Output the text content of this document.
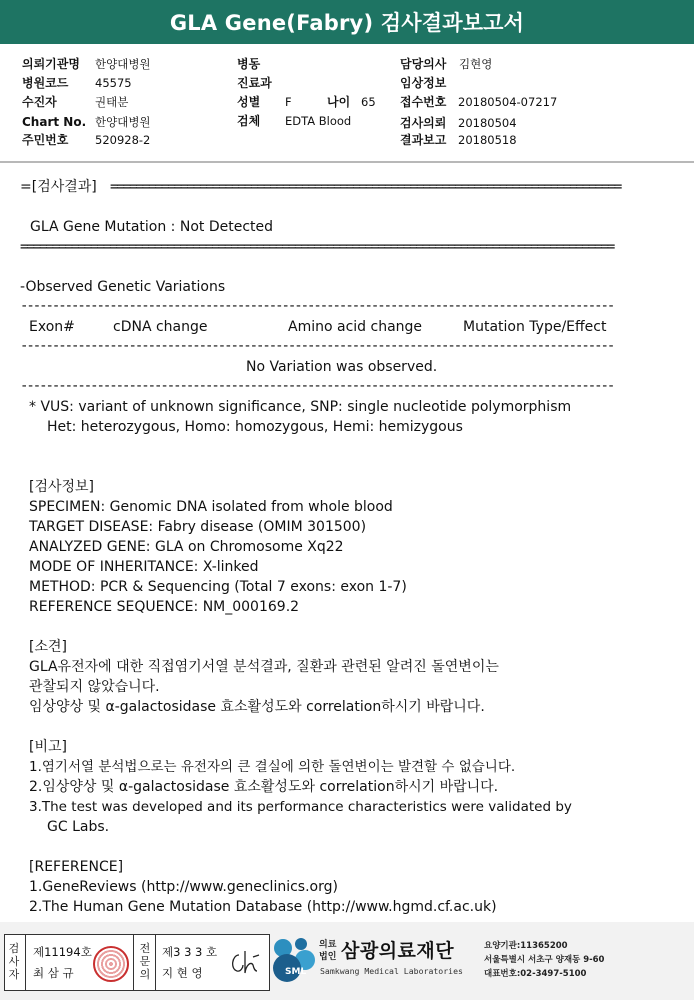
GLA Gene(Fabry) 검사결과보고서
의뢰기관명 한양대병원
병원코드 45575
수진자	권태분
Chart No. 한양대병원
주민번호 520928-2
병동
진료과
성별 F	나이 65
검체 EDTA Blood
담당의사 김현영
임상정보
접수번호 20180504-07217
검사의뢰 20180504
결과보고 20180518
=[검사결과] ================================================================================
GLA Gene Mutation : Not Detected
=============================================================================================
-Observed Genetic Variations
---------------------------------------------------------------------------------------------
Exon#	cDNA change	Amino acid change	Mutation Type/Effect
---------------------------------------------------------------------------------------------
No Variation was observed.
---------------------------------------------------------------------------------------------
* VUS: variant of unknown significance, SNP: single nucleotide polymorphism
Het: heterozygous, Homo: homozygous, Hemi: hemizygous
[검사정보]
SPECIMEN: Genomic DNA isolated from whole blood
TARGET DISEASE: Fabry disease (OMIM 301500)
ANALYZED GENE: GLA on Chromosome Xq22
MODE OF INHERITANCE: X-linked
METHOD: PCR & Sequencing (Total 7 exons: exon 1-7)
REFERENCE SEQUENCE: NM_000169.2
[소견]
GLA유전자에 대한 직접염기서열 분석결과, 질환과 관련된 알려진 돌연변이는
관찰되지 않았습니다.
임상양상 및 α-galactosidase 효소활성도와 correlation하시기 바랍니다.
[비고]
1.염기서열 분석법으로는 유전자의 큰 결실에 의한 돌연변이는 발견할 수 없습니다.
2.임상양상 및 α-galactosidase 효소활성도와 correlation하시기 바랍니다.
3.The test was developed and its performance characteristics were validated by
GC Labs.
[REFERENCE]
1.GeneReviews (http://www.geneclinics.org)
2.The Human Gene Mutation Database (http://www.hgmd.cf.ac.uk)
검
사
자
제11194호
최 삼 규
전
문
의
제3 3 3 호
지 현 영	SML
의료
법인 삼광의료재단
Samkwang Medical Laboratories
요양기관:11365200
서울특별시 서초구 양재동 9-60
대표번호:02-3497-5100
